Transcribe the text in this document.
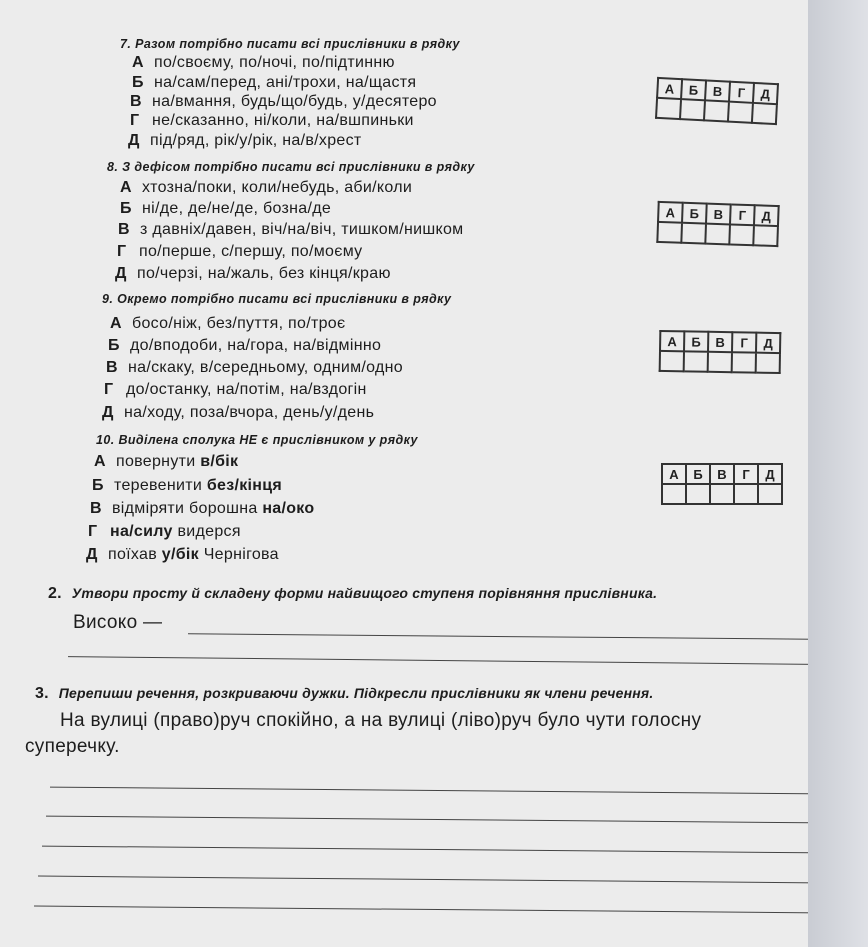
7. Разом потрібно писати всі прислівники в рядку
А по/своєму, по/ночі, по/підтинню
Б на/сам/перед, ані/трохи, на/щастя
В на/вмання, будь/що/будь, у/десятеро
Г не/сказанно, ні/коли, на/вшпиньки
Д під/ряд, рік/у/рік, на/в/хрест
А	Б	В	Г	Д

8. З дефісом потрібно писати всі прислівники в рядку
А хтозна/поки, коли/небудь, аби/коли
Б ні/де, де/не/де, бозна/де
В з давніх/давен, віч/на/віч, тишком/нишком
Г по/перше, с/першу, по/моєму
Д по/черзі, на/жаль, без кінця/краю
А	Б	В	Г	Д

9. Окремо потрібно писати всі прислівники в рядку
А босо/ніж, без/пуття, по/троє
Б до/вподоби, на/гора, на/відмінно
В на/скаку, в/середньому, одним/одно
Г до/останку, на/потім, на/вздогін
Д на/ходу, поза/вчора, день/у/день
А	Б	В	Г	Д

10. Виділена сполука НЕ є прислівником у рядку
А повернути в/бік
Б теревенити без/кінця
В відміряти борошна на/око
Г на/силу видерся
Д поїхав у/бік Чернігова
А	Б	В	Г	Д

2. Утвори просту й складену форми найвищого ступеня порівняння прислівника.
Високо —
3. Перепиши речення, розкриваючи дужки. Підкресли прислівники як члени речення.
На вулиці (право)руч спокійно, а на вулиці (ліво)руч було чути голосну
суперечку.
